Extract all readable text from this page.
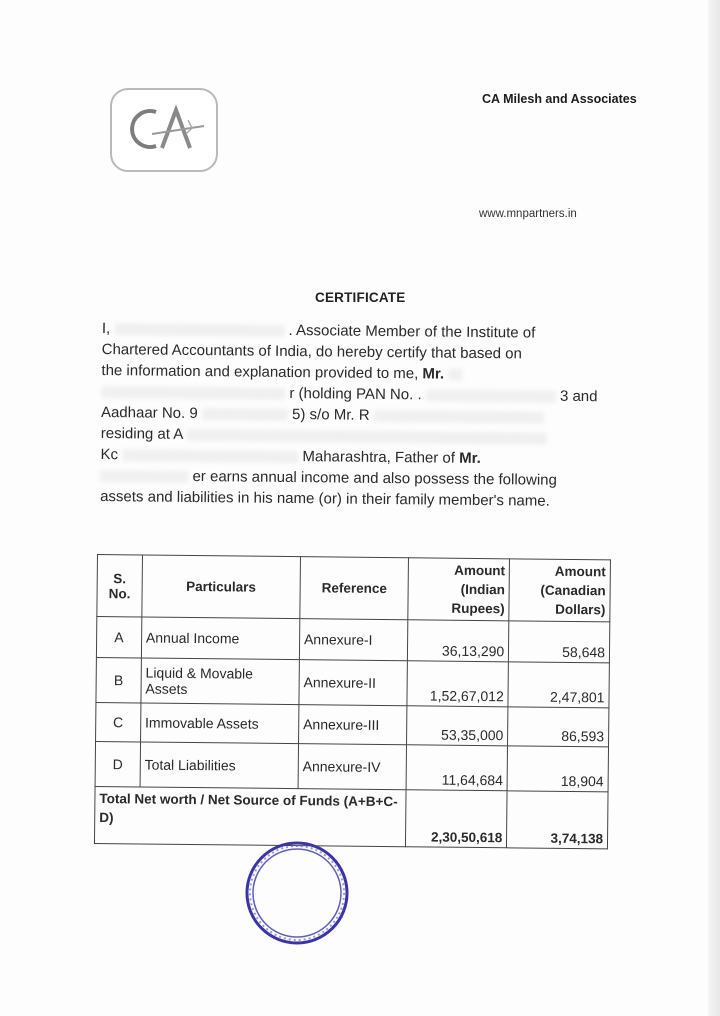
CA Milesh and Associates
www.mnpartners.in
CERTIFICATE
I,	. Associate Member of the Institute of
Chartered Accountants of India, do hereby certify that based on
the information and explanation provided to me, Mr.
r (holding PAN No. .	3 and
Aadhaar No. 9	5) s/o Mr. R
residing at A
Kc	Maharashtra, Father of Mr.
er earns annual income and also possess the following
assets and liabilities in his name (or) in their family member's name.
S. No.	Particulars	Reference	Amount (Indian Rupees)	Amount (Canadian Dollars)
A	Annual Income	Annexure-I	36,13,290	58,648
B	Liquid & Movable Assets	Annexure-II	1,52,67,012	2,47,801
C	Immovable Assets	Annexure-III	53,35,000	86,593
D	Total Liabilities	Annexure-IV	11,64,684	18,904
Total Net worth / Net Source of Funds (A+B+C-D)			2,30,50,618	3,74,138
